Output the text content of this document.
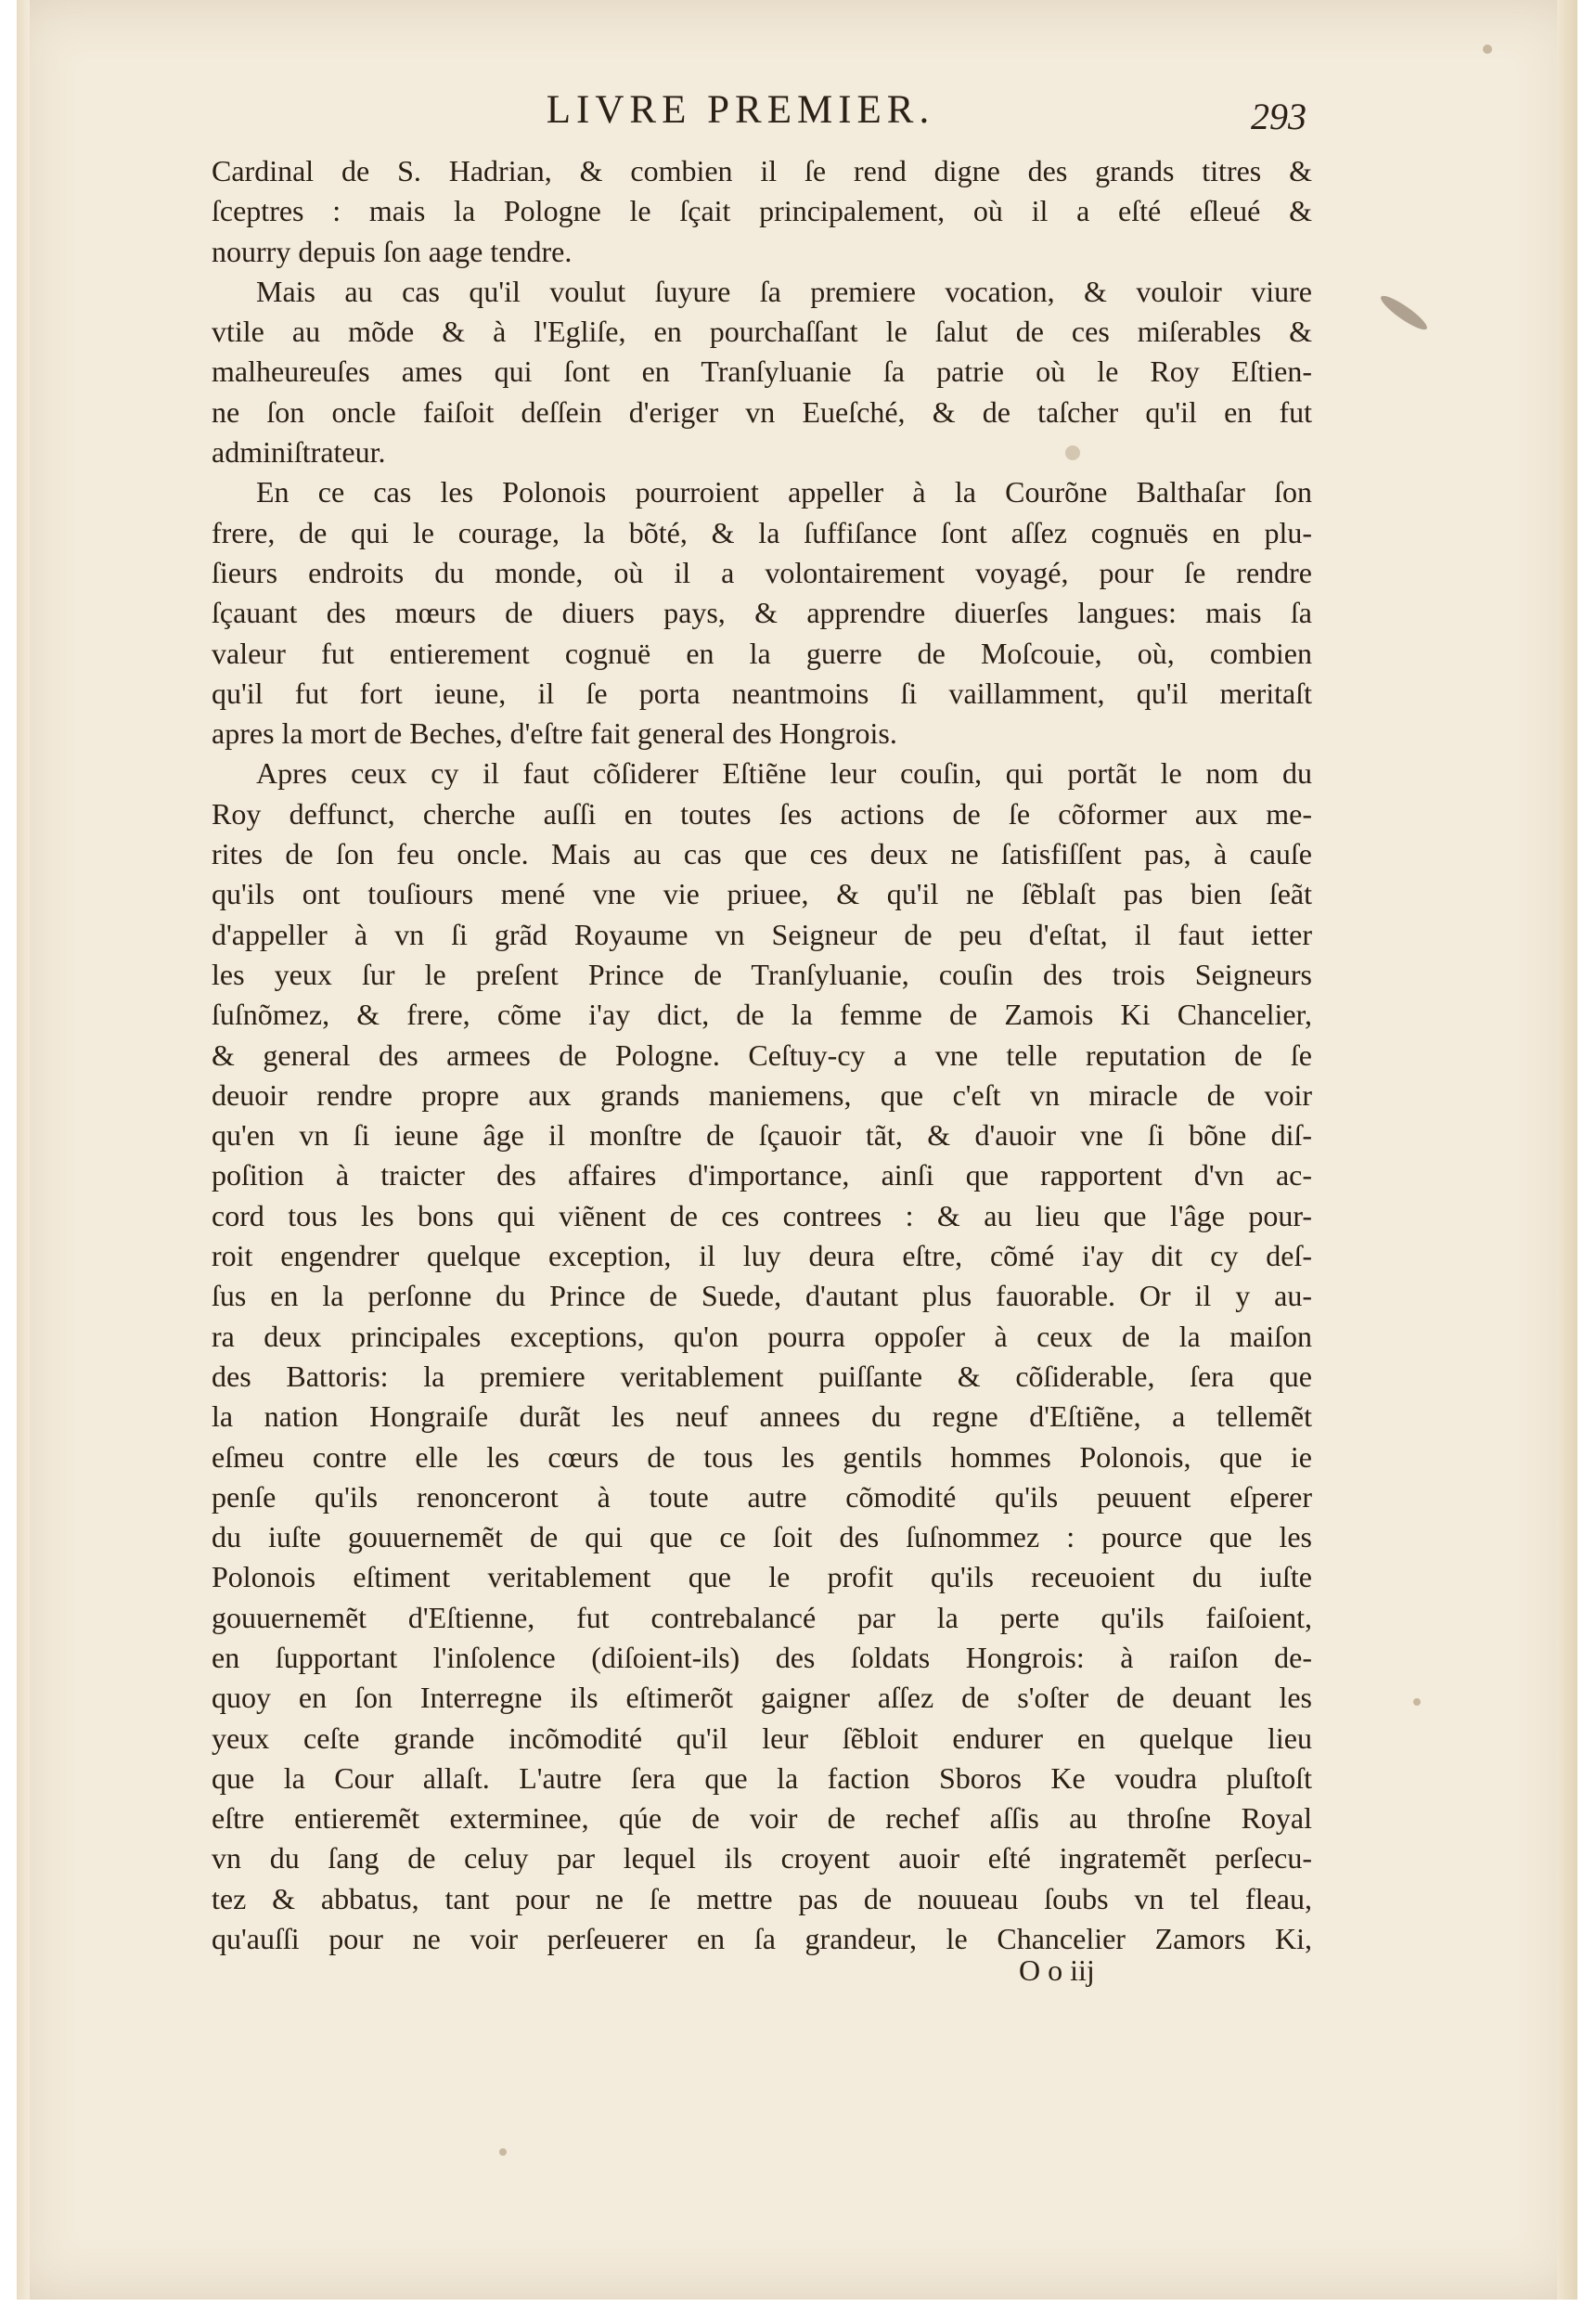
LIVRE PREMIER.	293
Cardinal de S. Hadrian, & combien il ſe rend digne des grands titres &
ſceptres : mais la Pologne le ſçait principalement, où il a eſté eſleué &
nourry depuis ſon aage tendre.
Mais au cas qu'il voulut ſuyure ſa premiere vocation, & vouloir viure
vtile au mõde & à l'Egliſe, en pourchaſſant le ſalut de ces miſerables &
malheureuſes ames qui ſont en Tranſyluanie ſa patrie où le Roy Eſtien-
ne ſon oncle faiſoit deſſein d'eriger vn Eueſché, & de taſcher qu'il en fut
adminiſtrateur.
En ce cas les Polonois pourroient appeller à la Courõne Balthaſar ſon
frere, de qui le courage, la bõté, & la ſuffiſance ſont aſſez cognuës en plu-
ſieurs endroits du monde, où il a volontairement voyagé, pour ſe rendre
ſçauant des mœurs de diuers pays, & apprendre diuerſes langues: mais ſa
valeur fut entierement cognuë en la guerre de Moſcouie, où, combien
qu'il fut fort ieune, il ſe porta neantmoins ſi vaillamment, qu'il meritaſt
apres la mort de Beches, d'eſtre fait general des Hongrois.
Apres ceux cy il faut cõſiderer Eſtiẽne leur couſin, qui portãt le nom du
Roy deffunct, cherche auſſi en toutes ſes actions de ſe cõformer aux me-
rites de ſon feu oncle. Mais au cas que ces deux ne ſatisfiſſent pas, à cauſe
qu'ils ont touſiours mené vne vie priuee, & qu'il ne ſẽblaſt pas bien ſeãt
d'appeller à vn ſi grãd Royaume vn Seigneur de peu d'eſtat, il faut ietter
les yeux ſur le preſent Prince de Tranſyluanie, couſin des trois Seigneurs
ſuſnõmez, & frere, cõme i'ay dict, de la femme de Zamois Ki Chancelier,
& general des armees de Pologne. Ceſtuy-cy a vne telle reputation de ſe
deuoir rendre propre aux grands maniemens, que c'eſt vn miracle de voir
qu'en vn ſi ieune âge il monſtre de ſçauoir tãt, & d'auoir vne ſi bõne diſ-
poſition à traicter des affaires d'importance, ainſi que rapportent d'vn ac-
cord tous les bons qui viẽnent de ces contrees : & au lieu que l'âge pour-
roit engendrer quelque exception, il luy deura eſtre, cõmé i'ay dit cy deſ-
ſus en la perſonne du Prince de Suede, d'autant plus fauorable. Or il y au-
ra deux principales exceptions, qu'on pourra oppoſer à ceux de la maiſon
des Battoris: la premiere veritablement puiſſante & cõſiderable, ſera que
la nation Hongraiſe durãt les neuf annees du regne d'Eſtiẽne, a tellemẽt
eſmeu contre elle les cœurs de tous les gentils hommes Polonois, que ie
penſe qu'ils renonceront à toute autre cõmodité qu'ils peuuent eſperer
du iuſte gouuernemẽt de qui que ce ſoit des ſuſnommez : pource que les
Polonois eſtiment veritablement que le profit qu'ils receuoient du iuſte
gouuernemẽt d'Eſtienne, fut contrebalancé par la perte qu'ils faiſoient,
en ſupportant l'inſolence (diſoient-ils) des ſoldats Hongrois: à raiſon de-
quoy en ſon Interregne ils eſtimerõt gaigner aſſez de s'oſter de deuant les
yeux ceſte grande incõmodité qu'il leur ſẽbloit endurer en quelque lieu
que la Cour allaſt. L'autre ſera que la faction Sboros Ke voudra pluſtoſt
eſtre entieremẽt exterminee, qúe de voir de rechef aſſis au throſne Royal
vn du ſang de celuy par lequel ils croyent auoir eſté ingratemẽt perſecu-
tez & abbatus, tant pour ne ſe mettre pas de nouueau ſoubs vn tel fleau,
qu'auſſi pour ne voir perſeuerer en ſa grandeur, le Chancelier Zamors Ki,
O o iij
